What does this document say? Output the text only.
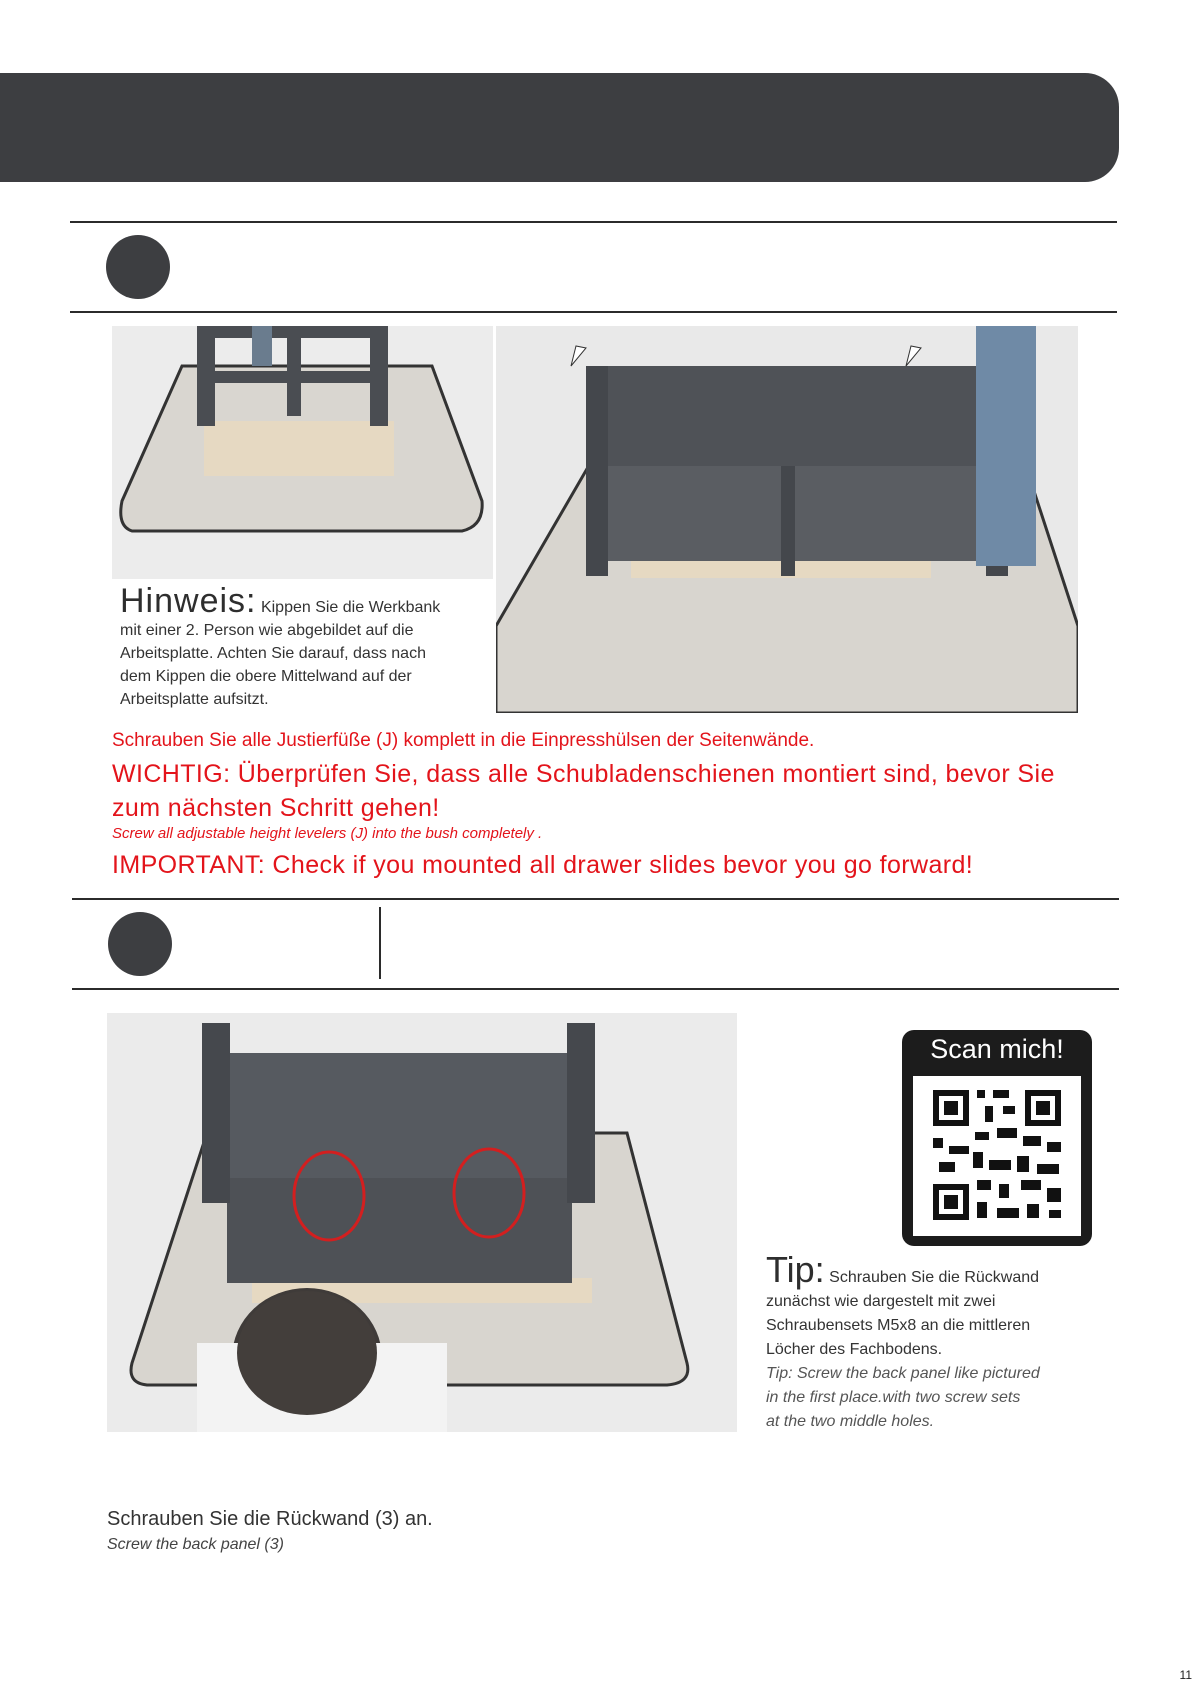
Hinweis: Kippen Sie die Werkbank
mit einer 2. Person wie abgebildet auf die
Arbeitsplatte. Achten Sie darauf, dass nach
dem Kippen die obere Mittelwand auf der
Arbeitsplatte aufsitzt.
Schrauben Sie alle Justierfüße (J) komplett in die Einpresshülsen der Seitenwände.
WICHTIG: Überprüfen Sie, dass alle Schubladenschienen montiert sind, bevor Sie zum nächsten Schritt gehen!
Screw all adjustable height levelers (J) into the bush completely .
IMPORTANT: Check if you mounted all drawer slides bevor you go forward!
Scan mich!
Tip: Schrauben Sie die Rückwand
zunächst wie dargestelt mit zwei
Schraubensets M5x8 an die mittleren
Löcher des Fachbodens.
Tip: Screw the back panel like pictured
in the first place.with two screw sets
at the two middle holes.
Schrauben Sie die Rückwand (3) an.
Screw the back panel (3)
11
